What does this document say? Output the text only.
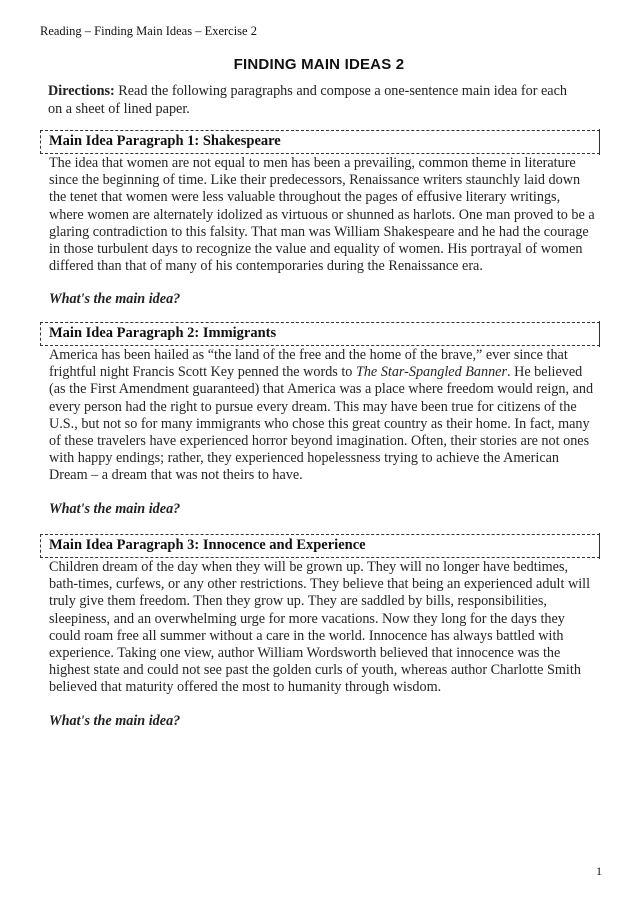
Reading – Finding Main Ideas – Exercise 2
FINDING MAIN IDEAS 2
Directions: Read the following paragraphs and compose a one-sentence main idea for each on a sheet of lined paper.
Main Idea Paragraph 1: Shakespeare
The idea that women are not equal to men has been a prevailing, common theme in literature since the beginning of time. Like their predecessors, Renaissance writers staunchly laid down the tenet that women were less valuable throughout the pages of effusive literary writings, where women are alternately idolized as virtuous or shunned as harlots. One man proved to be a glaring contradiction to this falsity. That man was William Shakespeare and he had the courage in those turbulent days to recognize the value and equality of women. His portrayal of women differed than that of many of his contemporaries during the Renaissance era.
What's the main idea?
Main Idea Paragraph 2: Immigrants
America has been hailed as “the land of the free and the home of the brave,” ever since that frightful night Francis Scott Key penned the words to The Star-Spangled Banner. He believed (as the First Amendment guaranteed) that America was a place where freedom would reign, and every person had the right to pursue every dream. This may have been true for citizens of the U.S., but not so for many immigrants who chose this great country as their home. In fact, many of these travelers have experienced horror beyond imagination. Often, their stories are not ones with happy endings; rather, they experienced hopelessness trying to achieve the American Dream – a dream that was not theirs to have.
What's the main idea?
Main Idea Paragraph 3: Innocence and Experience
Children dream of the day when they will be grown up. They will no longer have bedtimes, bath-times, curfews, or any other restrictions. They believe that being an experienced adult will truly give them freedom. Then they grow up. They are saddled by bills, responsibilities, sleepiness, and an overwhelming urge for more vacations. Now they long for the days they could roam free all summer without a care in the world. Innocence has always battled with experience. Taking one view, author William Wordsworth believed that innocence was the highest state and could not see past the golden curls of youth, whereas author Charlotte Smith believed that maturity offered the most to humanity through wisdom.
What's the main idea?
1
